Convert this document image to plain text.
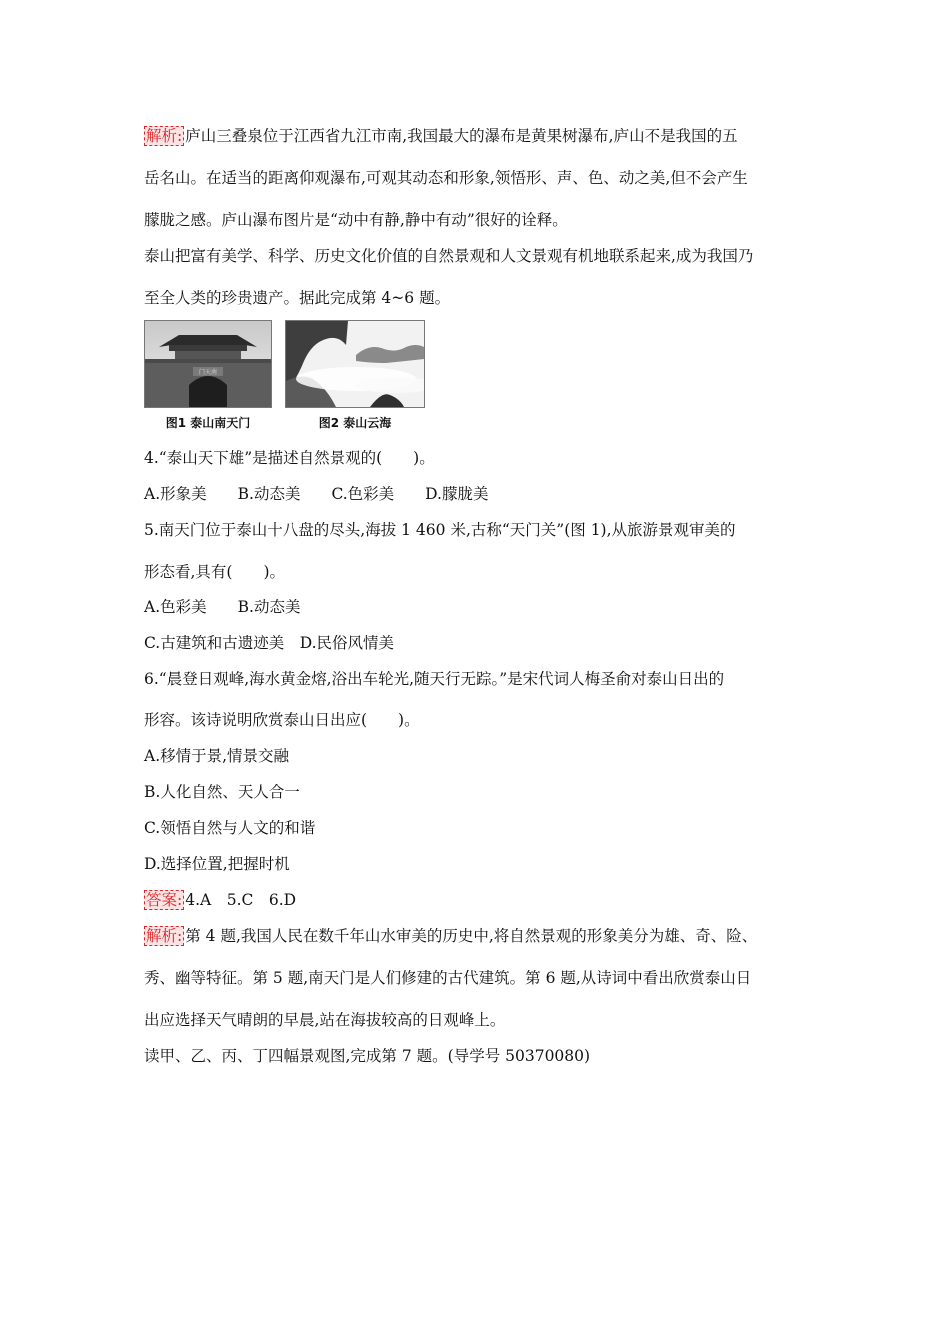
解析: 庐山三叠泉位于江西省九江市南,我国最大的瀑布是黄果树瀑布,庐山不是我国的五
岳名山。在适当的距离仰观瀑布,可观其动态和形象,领悟形、声、色、动之美,但不会产生
朦胧之感。庐山瀑布图片是“动中有静,静中有动”很好的诠释。
泰山把富有美学、科学、历史文化价值的自然景观和人文景观有机地联系起来,成为我国乃
至全人类的珍贵遗产。据此完成第 4~6 题。
门天南
图1 泰山南天门	图2 泰山云海
4.“泰山天下雄”是描述自然景观的(　　)。
A.形象美　　B.动态美　　C.色彩美　　D.朦胧美
5.南天门位于泰山十八盘的尽头,海拔 1 460 米,古称“天门关”(图 1),从旅游景观审美的
形态看,具有(　　)。
A.色彩美　　B.动态美
C.古建筑和古遗迹美　D.民俗风情美
6.“晨登日观峰,海水黄金熔,浴出车轮光,随天行无踪。”是宋代词人梅圣俞对泰山日出的
形容。该诗说明欣赏泰山日出应(　　)。
A.移情于景,情景交融
B.人化自然、天人合一
C.领悟自然与人文的和谐
D.选择位置,把握时机
答案: 4.A　5.C　6.D
解析: 第 4 题,我国人民在数千年山水审美的历史中,将自然景观的形象美分为雄、奇、险、
秀、幽等特征。第 5 题,南天门是人们修建的古代建筑。第 6 题,从诗词中看出欣赏泰山日
出应选择天气晴朗的早晨,站在海拔较高的日观峰上。
读甲、乙、丙、丁四幅景观图,完成第 7 题。(导学号 50370080)
